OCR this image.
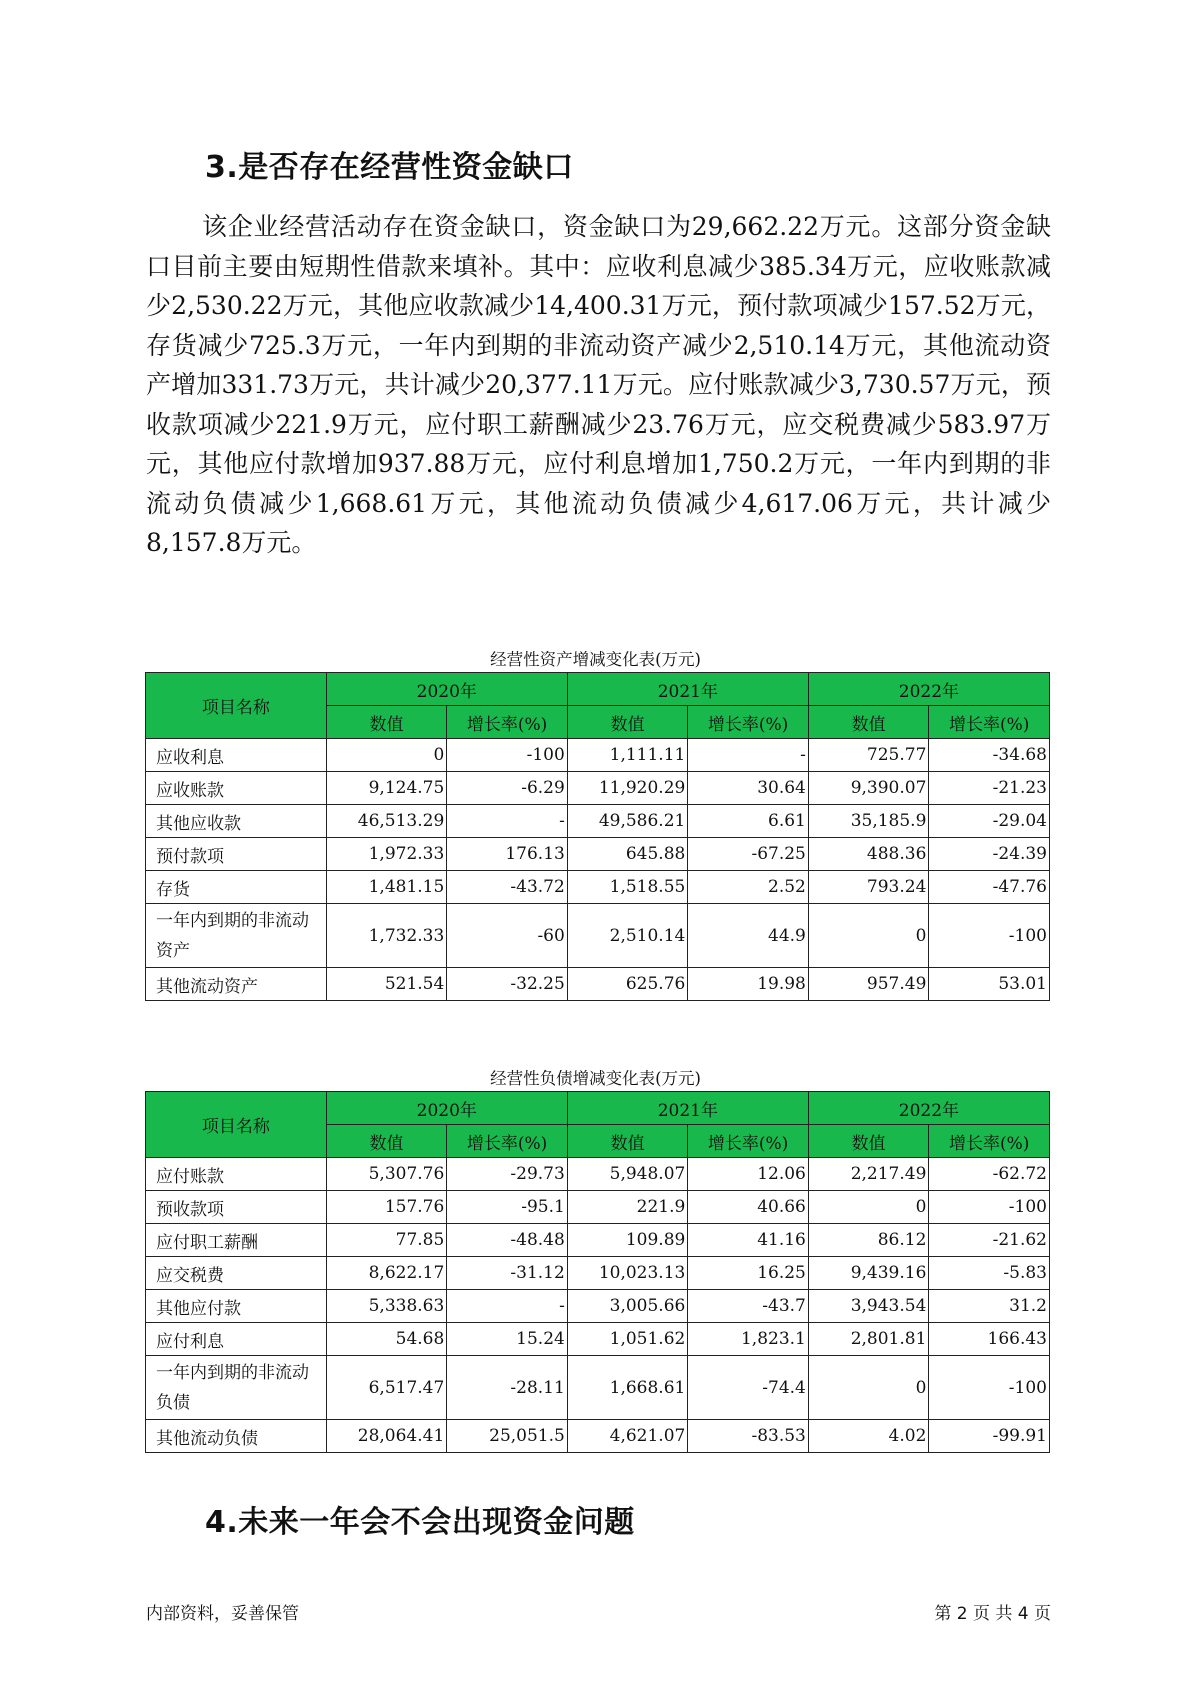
3.是否存在经营性资金缺口

该企业经营活动存在资金缺口，资金缺口为29,662.22万元。这部分资金缺口目前主要由短期性借款来填补。其中：应收利息减少385.34万元，应收账款减少2,530.22万元，其他应收款减少14,400.31万元，预付款项减少157.52万元，存货减少725.3万元，一年内到期的非流动资产减少2,510.14万元，其他流动资产增加331.73万元，共计减少20,377.11万元。应付账款减少3,730.57万元，预收款项减少221.9万元，应付职工薪酬减少23.76万元，应交税费减少583.97万元，其他应付款增加937.88万元，应付利息增加1,750.2万元，一年内到期的非流动负债减少1,668.61万元，其他流动负债减少4,617.06万元，共计减少8,157.8万元。

经营性资产增减变化表(万元)
项目名称	2020年		2021年		2022年	
	数值	增长率(%)	数值	增长率(%)	数值	增长率(%)
应收利息	0	-100	1,111.11	-	725.77	-34.68
应收账款	9,124.75	-6.29	11,920.29	30.64	9,390.07	-21.23
其他应收款	46,513.29	-	49,586.21	6.61	35,185.9	-29.04
预付款项	1,972.33	176.13	645.88	-67.25	488.36	-24.39
存货	1,481.15	-43.72	1,518.55	2.52	793.24	-47.76
一年内到期的非流动资产	1,732.33	-60	2,510.14	44.9	0	-100
其他流动资产	521.54	-32.25	625.76	19.98	957.49	53.01
经营性负债增减变化表(万元)
项目名称	2020年		2021年		2022年	
	数值	增长率(%)	数值	增长率(%)	数值	增长率(%)
应付账款	5,307.76	-29.73	5,948.07	12.06	2,217.49	-62.72
预收款项	157.76	-95.1	221.9	40.66	0	-100
应付职工薪酬	77.85	-48.48	109.89	41.16	86.12	-21.62
应交税费	8,622.17	-31.12	10,023.13	16.25	9,439.16	-5.83
其他应付款	5,338.63	-	3,005.66	-43.7	3,943.54	31.2
应付利息	54.68	15.24	1,051.62	1,823.1	2,801.81	166.43
一年内到期的非流动负债	6,517.47	-28.11	1,668.61	-74.4	0	-100
其他流动负债	28,064.41	25,051.5	4,621.07	-83.53	4.02	-99.91
4.未来一年会不会出现资金问题
内部资料，妥善保管	第 2 页 共 4 页
